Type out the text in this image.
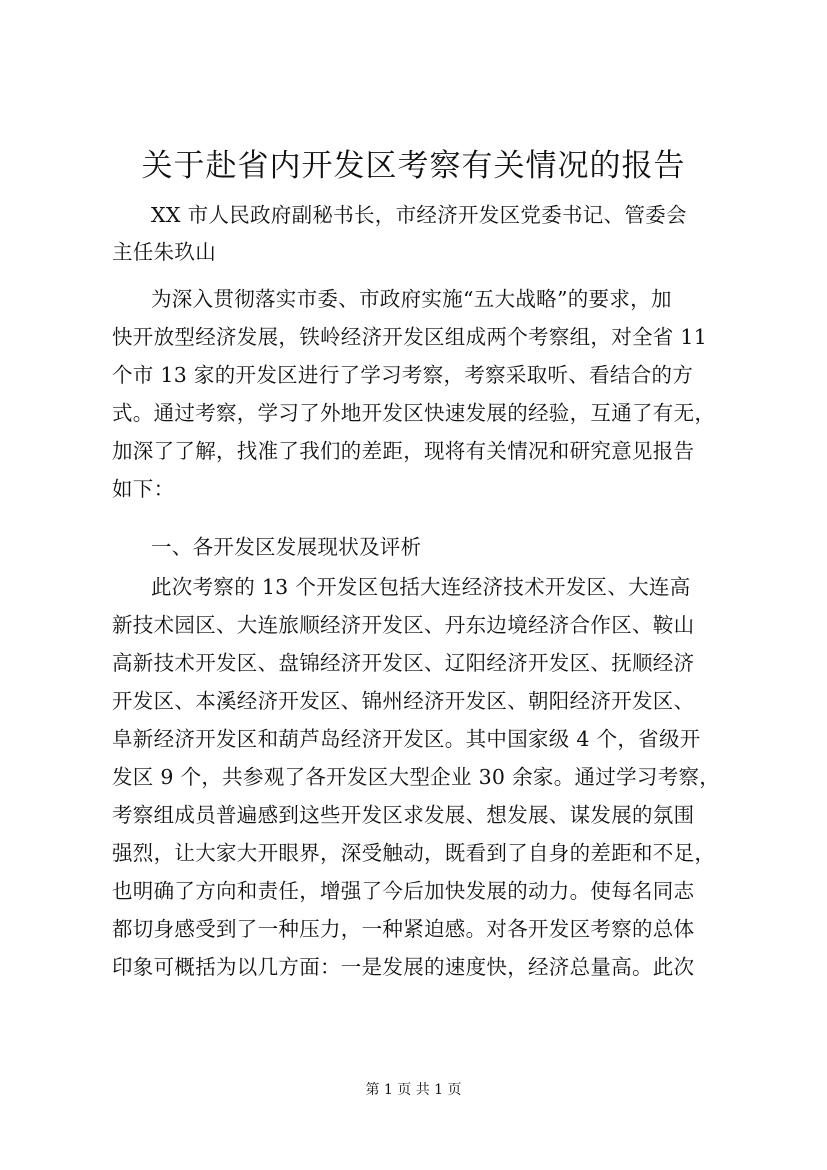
关于赴省内开发区考察有关情况的报告
XX 市人民政府副秘书长，市经济开发区党委书记、管委会
主任朱玖山
为深入贯彻落实市委、市政府实施“五大战略”的要求，加
快开放型经济发展，铁岭经济开发区组成两个考察组，对全省 11
个市 13 家的开发区进行了学习考察，考察采取听、看结合的方
式。通过考察，学习了外地开发区快速发展的经验，互通了有无，
加深了了解，找准了我们的差距，现将有关情况和研究意见报告
如下：
一、各开发区发展现状及评析
此次考察的 13 个开发区包括大连经济技术开发区、大连高
新技术园区、大连旅顺经济开发区、丹东边境经济合作区、鞍山
高新技术开发区、盘锦经济开发区、辽阳经济开发区、抚顺经济
开发区、本溪经济开发区、锦州经济开发区、朝阳经济开发区、
阜新经济开发区和葫芦岛经济开发区。其中国家级 4 个，省级开
发区 9 个，共参观了各开发区大型企业 30 余家。通过学习考察，
考察组成员普遍感到这些开发区求发展、想发展、谋发展的氛围
强烈，让大家大开眼界，深受触动，既看到了自身的差距和不足，
也明确了方向和责任，增强了今后加快发展的动力。使每名同志
都切身感受到了一种压力，一种紧迫感。对各开发区考察的总体
印象可概括为以几方面：一是发展的速度快，经济总量高。此次
第 1 页 共 1 页
